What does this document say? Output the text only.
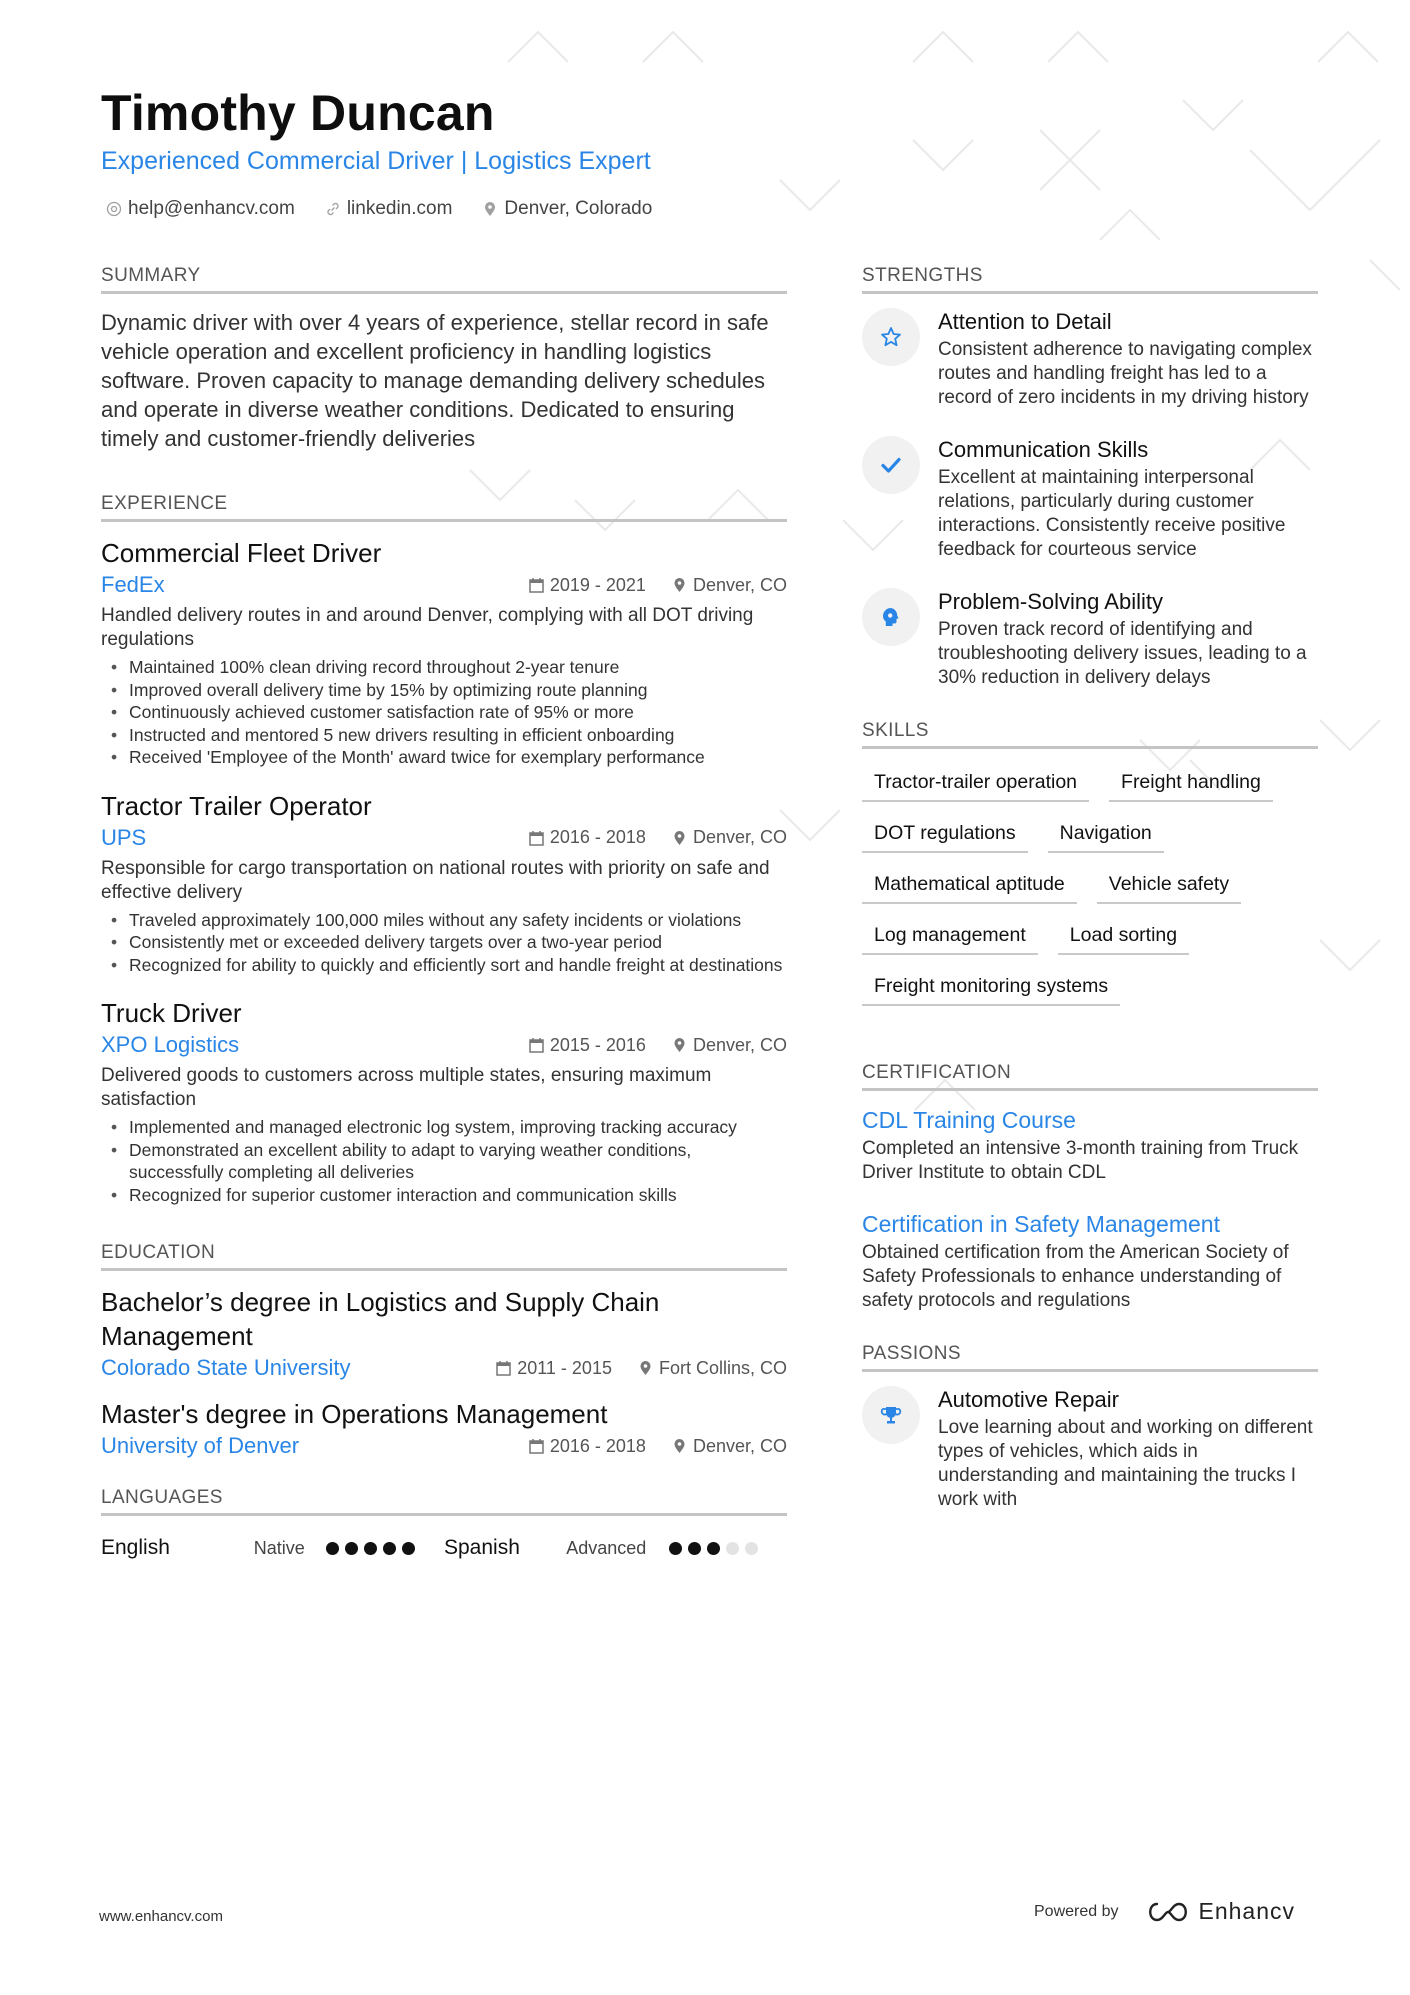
Timothy Duncan
Experienced Commercial Driver | Logistics Expert
help@enhancv.com	linkedin.com	Denver, Colorado
SUMMARY
Dynamic driver with over 4 years of experience, stellar record in safe vehicle operation and excellent proficiency in handling logistics software. Proven capacity to manage demanding delivery schedules and operate in diverse weather conditions. Dedicated to ensuring timely and customer-friendly deliveries
EXPERIENCE
Commercial Fleet Driver
FedEx	2019 - 2021	Denver, CO
Handled delivery routes in and around Denver, complying with all DOT driving regulations
• Maintained 100% clean driving record throughout 2-year tenure
• Improved overall delivery time by 15% by optimizing route planning
• Continuously achieved customer satisfaction rate of 95% or more
• Instructed and mentored 5 new drivers resulting in efficient onboarding
• Received 'Employee of the Month' award twice for exemplary performance
Tractor Trailer Operator
UPS	2016 - 2018	Denver, CO
Responsible for cargo transportation on national routes with priority on safe and effective delivery
• Traveled approximately 100,000 miles without any safety incidents or violations
• Consistently met or exceeded delivery targets over a two-year period
• Recognized for ability to quickly and efficiently sort and handle freight at destinations
Truck Driver
XPO Logistics	2015 - 2016	Denver, CO
Delivered goods to customers across multiple states, ensuring maximum satisfaction
• Implemented and managed electronic log system, improving tracking accuracy
• Demonstrated an excellent ability to adapt to varying weather conditions, successfully completing all deliveries
• Recognized for superior customer interaction and communication skills
EDUCATION
Bachelor’s degree in Logistics and Supply Chain Management
Colorado State University	2011 - 2015	Fort Collins, CO
Master's degree in Operations Management
University of Denver	2016 - 2018	Denver, CO
LANGUAGES
English	Native	Spanish	Advanced
STRENGTHS
Attention to Detail
Consistent adherence to navigating complex routes and handling freight has led to a record of zero incidents in my driving history
Communication Skills
Excellent at maintaining interpersonal relations, particularly during customer interactions. Consistently receive positive feedback for courteous service
Problem-Solving Ability
Proven track record of identifying and troubleshooting delivery issues, leading to a 30% reduction in delivery delays
SKILLS
Tractor-trailer operation	Freight handling
DOT regulations	Navigation
Mathematical aptitude	Vehicle safety
Log management	Load sorting
Freight monitoring systems
CERTIFICATION
CDL Training Course
Completed an intensive 3-month training from Truck Driver Institute to obtain CDL
Certification in Safety Management
Obtained certification from the American Society of Safety Professionals to enhance understanding of safety protocols and regulations
PASSIONS
Automotive Repair
Love learning about and working on different types of vehicles, which aids in understanding and maintaining the trucks I work with
www.enhancv.com	Powered by	Enhancv
